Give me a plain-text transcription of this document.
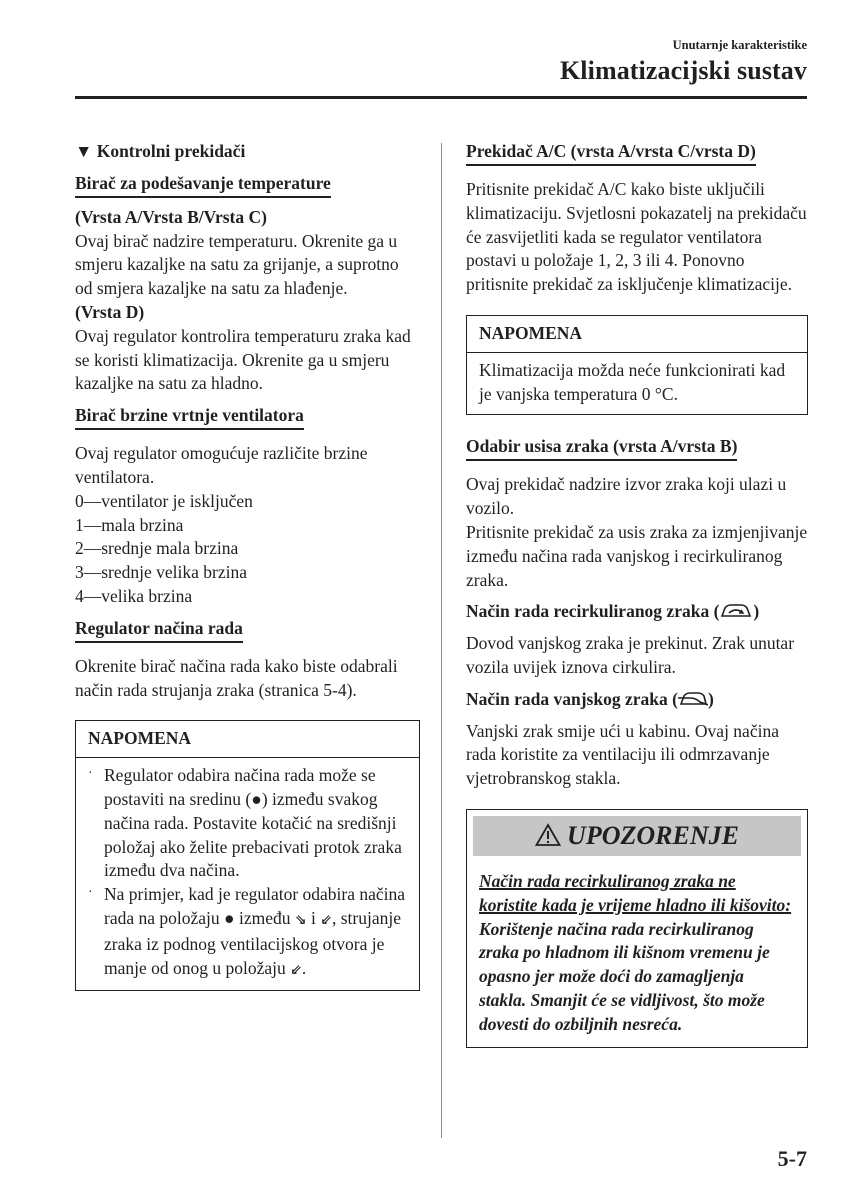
Unutarnje karakteristike
Klimatizacijski sustav

▼ Kontrolni prekidači

Birač za podešavanje temperature

(Vrsta A/Vrsta B/Vrsta C)

Ovaj birač nadzire temperaturu. Okrenite ga u smjeru kazaljke na satu za grijanje, a suprotno od smjera kazaljke na satu za hlađenje.

(Vrsta D)

Ovaj regulator kontrolira temperaturu zraka kad se koristi klimatizacija. Okrenite ga u smjeru kazaljke na satu za hladno.

Birač brzine vrtnje ventilatora

Ovaj regulator omogućuje različite brzine ventilatora.

0—ventilator je isključen

1—mala brzina

2—srednje mala brzina

3—srednje velika brzina

4—velika brzina

Regulator načina rada

Okrenite birač načina rada kako biste odabrali način rada strujanja zraka (stranica 5-4).

NAPOMENA
· Regulator odabira načina rada može se postaviti na sredinu (●) između svakog načina rada. Postavite kotačić na središnji položaj ako želite prebacivati protok zraka između dva načina.
· Na primjer, kad je regulator odabira načina rada na položaju ● između ⇘ i ⇙, strujanje zraka iz podnog ventilacijskog otvora je manje od onog u položaju ⇙.
Prekidač A/C (vrsta A/vrsta C/vrsta D)

Pritisnite prekidač A/C kako biste uključili klimatizaciju. Svjetlosni pokazatelj na prekidaču će zasvijetliti kada se regulator ventilatora postavi u položaje 1, 2, 3 ili 4. Ponovno pritisnite prekidač za isključenje klimatizacije.

NAPOMENA
Klimatizacija možda neće funkcionirati kad je vanjska temperatura 0 °C.
Odabir usisa zraka (vrsta A/vrsta B)

Ovaj prekidač nadzire izvor zraka koji ulazi u vozilo.

Pritisnite prekidač za usis zraka za izmjenjivanje između načina rada vanjskog i recirkuliranog zraka.

Način rada recirkuliranog zraka ( )

Dovod vanjskog zraka je prekinut. Zrak unutar vozila uvijek iznova cirkulira.

Način rada vanjskog zraka ( )

Vanjski zrak smije ući u kabinu. Ovaj načina rada koristite za ventilaciju ili odmrzavanje vjetrobranskog stakla.

UPOZORENJE
Način rada recirkuliranog zraka ne koristite kada je vrijeme hladno ili kišovito:
Korištenje načina rada recirkuliranog zraka po hladnom ili kišnom vremenu je opasno jer može doći do zamagljenja stakla. Smanjit će se vidljivost, što može dovesti do ozbiljnih nesreća.
5-7
